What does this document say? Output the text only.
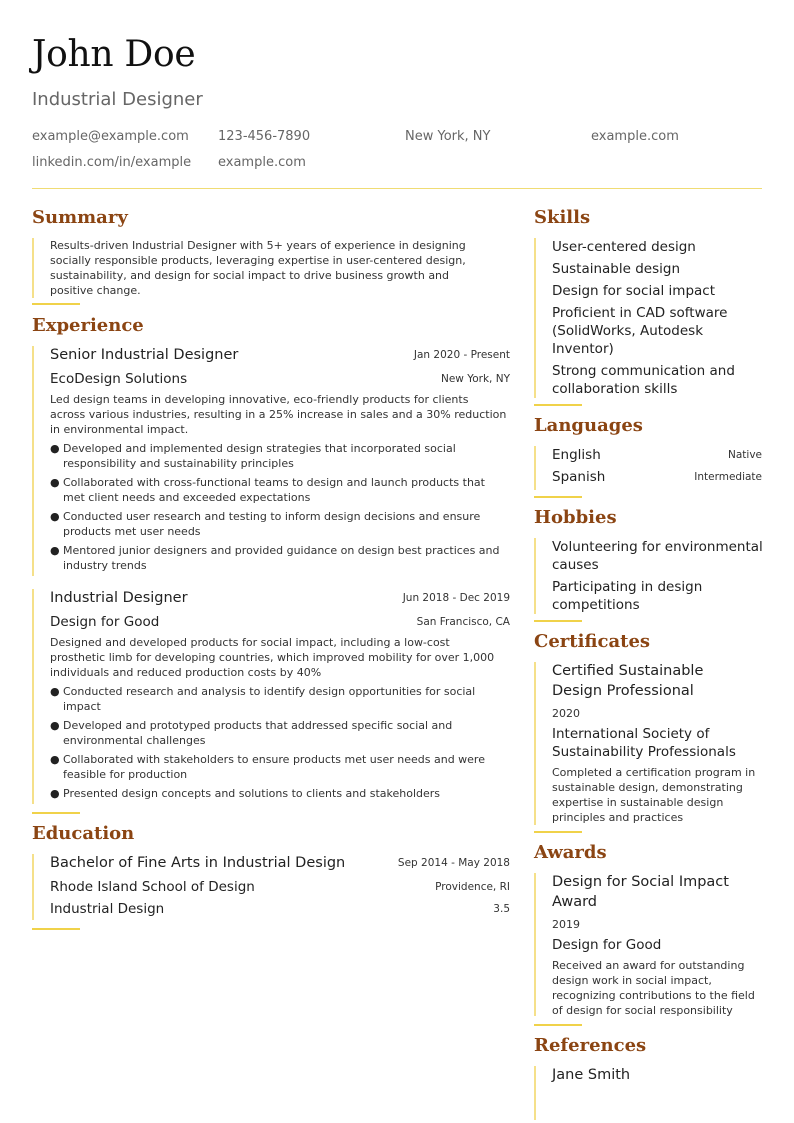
John Doe
Industrial Designer
example@example.com 123-456-7890	New York, NY	example.com
linkedin.com/in/example example.com
Summary
Results-driven Industrial Designer with 5+ years of experience in designing
socially responsible products, leveraging expertise in user-centered design,
sustainability, and design for social impact to drive business growth and
positive change.
Experience
Senior Industrial Designer	Jan 2020 - Present
EcoDesign Solutions	New York, NY
Led design teams in developing innovative, eco-friendly products for clients
across various industries, resulting in a 25% increase in sales and a 30% reduction
in environmental impact.
● Developed and implemented design strategies that incorporated social
responsibility and sustainability principles
● Collaborated with cross-functional teams to design and launch products that
met client needs and exceeded expectations
● Conducted user research and testing to inform design decisions and ensure
products met user needs
● Mentored junior designers and provided guidance on design best practices and
industry trends
Industrial Designer	Jun 2018 - Dec 2019
Design for Good	San Francisco, CA
Designed and developed products for social impact, including a low-cost
prosthetic limb for developing countries, which improved mobility for over 1,000
individuals and reduced production costs by 40%
● Conducted research and analysis to identify design opportunities for social
impact
● Developed and prototyped products that addressed specific social and
environmental challenges
● Collaborated with stakeholders to ensure products met user needs and were
feasible for production
● Presented design concepts and solutions to clients and stakeholders
Education
Bachelor of Fine Arts in Industrial Design	Sep 2014 - May 2018
Rhode Island School of Design	Providence, RI
Industrial Design	3.5
Skills
User-centered design
Sustainable design
Design for social impact
Proficient in CAD software
(SolidWorks, Autodesk
Inventor)
Strong communication and
collaboration skills
Languages
English	Native
Spanish	Intermediate
Hobbies
Volunteering for environmental
causes
Participating in design
competitions
Certificates
Certified Sustainable
Design Professional
2020
International Society of
Sustainability Professionals
Completed a certification program in
sustainable design, demonstrating
expertise in sustainable design
principles and practices
Awards
Design for Social Impact
Award
2019
Design for Good
Received an award for outstanding
design work in social impact,
recognizing contributions to the field
of design for social responsibility
References
Jane Smith
